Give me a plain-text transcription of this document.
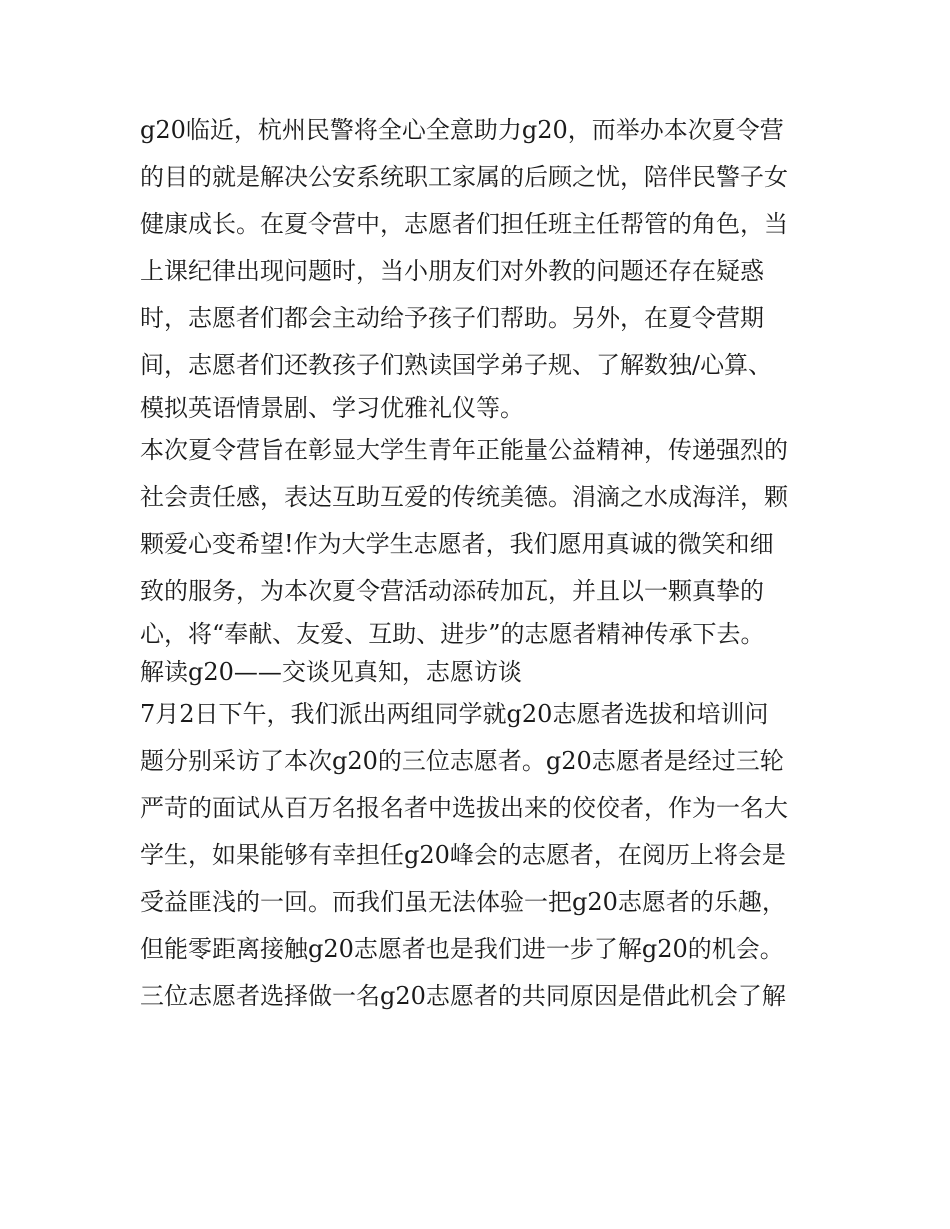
g20临近，杭州民警将全心全意助力g20，而举办本次夏令营
的目的就是解决公安系统职工家属的后顾之忧，陪伴民警子女
健康成长。在夏令营中，志愿者们担任班主任帮管的角色，当
上课纪律出现问题时，当小朋友们对外教的问题还存在疑惑
时，志愿者们都会主动给予孩子们帮助。另外，在夏令营期
间，志愿者们还教孩子们熟读国学弟子规、了解数独/心算、
模拟英语情景剧、学习优雅礼仪等。
本次夏令营旨在彰显大学生青年正能量公益精神，传递强烈的
社会责任感，表达互助互爱的传统美德。涓滴之水成海洋，颗
颗爱心变希望!作为大学生志愿者，我们愿用真诚的微笑和细
致的服务，为本次夏令营活动添砖加瓦，并且以一颗真挚的
心，将“奉献、友爱、互助、进步”的志愿者精神传承下去。
解读g20——交谈见真知，志愿访谈
7月2日下午，我们派出两组同学就g20志愿者选拔和培训问
题分别采访了本次g20的三位志愿者。g20志愿者是经过三轮
严苛的面试从百万名报名者中选拔出来的佼佼者，作为一名大
学生，如果能够有幸担任g20峰会的志愿者，在阅历上将会是
受益匪浅的一回。而我们虽无法体验一把g20志愿者的乐趣，
但能零距离接触g20志愿者也是我们进一步了解g20的机会。
三位志愿者选择做一名g20志愿者的共同原因是借此机会了解
